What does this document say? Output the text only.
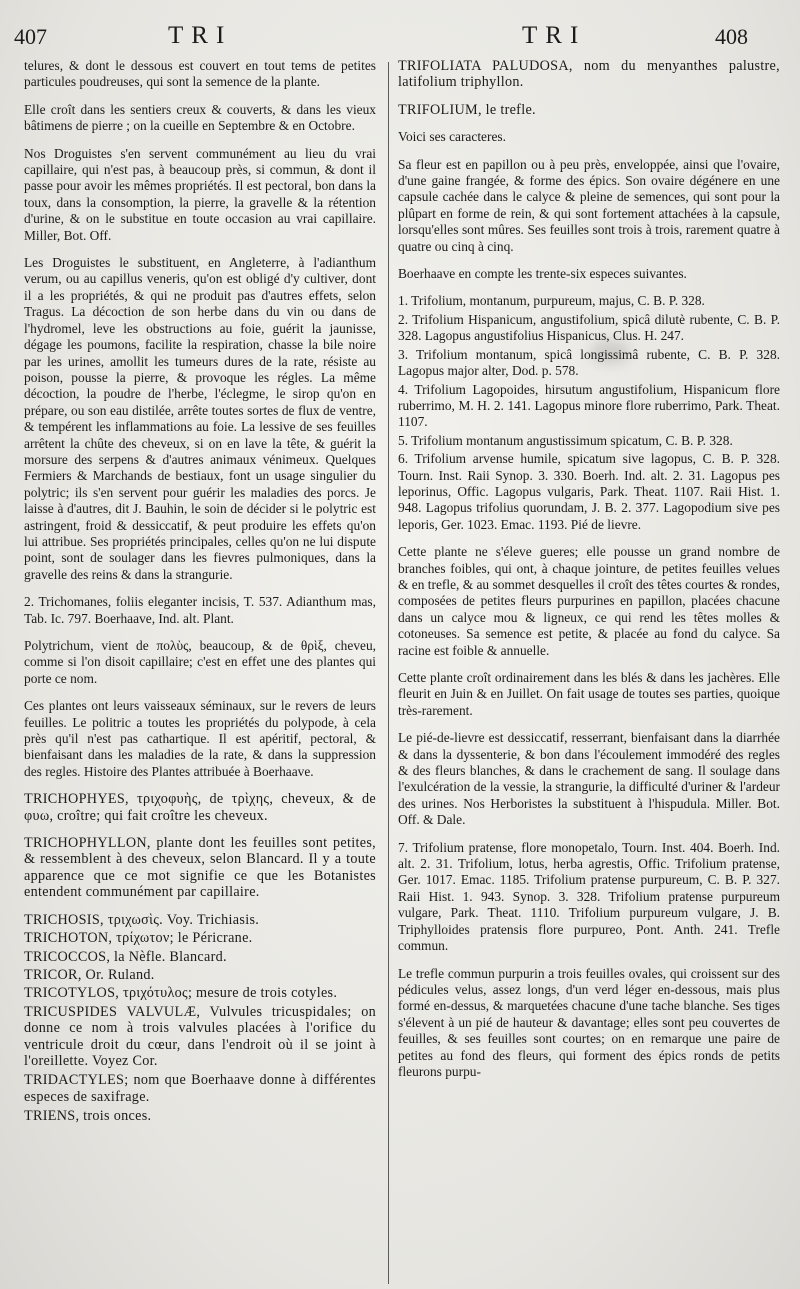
407	TRI	TRI	408

telures, & dont le dessous est couvert en tout tems de petites particules poudreuses, qui sont la semence de la plante.

Elle croît dans les sentiers creux & couverts, & dans les vieux bâtimens de pierre ; on la cueille en Septembre & en Octobre.

Nos Droguistes s'en servent communément au lieu du vrai capillaire, qui n'est pas, à beaucoup près, si commun, & dont il passe pour avoir les mêmes propriétés. Il est pectoral, bon dans la toux, dans la consomption, la pierre, la gravelle & la rétention d'urine, & on le substitue en toute occasion au vrai capillaire. Miller, Bot. Off.

Les Droguistes le substituent, en Angleterre, à l'adianthum verum, ou au capillus veneris, qu'on est obligé d'y cultiver, dont il a les propriétés, & qui ne produit pas d'autres effets, selon Tragus. La décoction de son herbe dans du vin ou dans de l'hydromel, leve les obstructions au foie, guérit la jaunisse, dégage les poumons, facilite la respiration, chasse la bile noire par les urines, amollit les tumeurs dures de la rate, résiste au poison, pousse la pierre, & provoque les régles. La même décoction, la poudre de l'herbe, l'éclegme, le sirop qu'on en prépare, ou son eau distilée, arrête toutes sortes de flux de ventre, & tempérent les inflammations au foie. La lessive de ses feuilles arrêtent la chûte des cheveux, si on en lave la tête, & guérit la morsure des serpens & d'autres animaux vénimeux. Quelques Fermiers & Marchands de bestiaux, font un usage singulier du polytric; ils s'en servent pour guérir les maladies des porcs. Je laisse à d'autres, dit J. Bauhin, le soin de décider si le polytric est astringent, froid & dessiccatif, & peut produire les effets qu'on lui attribue. Ses propriétés principales, celles qu'on ne lui dispute point, sont de soulager dans les fievres pulmoniques, dans la gravelle des reins & dans la strangurie.

2. Trichomanes, foliis eleganter incisis, T. 537. Adianthum mas, Tab. Ic. 797. Boerhaave, Ind. alt. Plant.

Polytrichum, vient de πολὺς, beaucoup, & de θρὶξ, cheveu, comme si l'on disoit capillaire; c'est en effet une des plantes qui porte ce nom.

Ces plantes ont leurs vaisseaux séminaux, sur le revers de leurs feuilles. Le politric a toutes les propriétés du polypode, à cela près qu'il n'est pas cathartique. Il est apéritif, pectoral, & bienfaisant dans les maladies de la rate, & dans la suppression des regles. Histoire des Plantes attribuée à Boerhaave.

TRICHOPHYES, τριχοφυὴς, de τρὶχης, cheveux, & de φυω, croître; qui fait croître les cheveux.

TRICHOPHYLLON, plante dont les feuilles sont petites, & ressemblent à des cheveux, selon Blancard. Il y a toute apparence que ce mot signifie ce que les Botanistes entendent communément par capillaire.

TRICHOSIS, τριχωσὶς. Voy. Trichiasis.

TRICHOTON, τρίχωτον; le Péricrane.

TRICOCCOS, la Nèfle. Blancard.

TRICOR, Or. Ruland.

TRICOTYLOS, τριχότυλος; mesure de trois cotyles.

TRICUSPIDES VALVULÆ, Vulvules tricuspidales; on donne ce nom à trois valvules placées à l'orifice du ventricule droit du cœur, dans l'endroit où il se joint à l'oreillette. Voyez Cor.

TRIDACTYLES; nom que Boerhaave donne à différentes especes de saxifrage.

TRIENS, trois onces.

TRIFOLIATA PALUDOSA, nom du menyanthes palustre, latifolium triphyllon.

TRIFOLIUM, le trefle.

Voici ses caracteres.

Sa fleur est en papillon ou à peu près, enveloppée, ainsi que l'ovaire, d'une gaine frangée, & forme des épics. Son ovaire dégénere en une capsule cachée dans le calyce & pleine de semences, qui sont pour la plûpart en forme de rein, & qui sont fortement attachées à la capsule, lorsqu'elles sont mûres. Ses feuilles sont trois à trois, rarement quatre à quatre ou cinq à cinq.

Boerhaave en compte les trente-six especes suivantes.

1. Trifolium, montanum, purpureum, majus, C. B. P. 328.

2. Trifolium Hispanicum, angustifolium, spicâ dilutè rubente, C. B. P. 328. Lagopus angustifolius Hispanicus, Clus. H. 247.

3. Trifolium montanum, spicâ longissimâ rubente, C. B. P. 328. Lagopus major alter, Dod. p. 578.

4. Trifolium Lagopoides, hirsutum angustifolium, Hispanicum flore ruberrimo, M. H. 2. 141. Lagopus minore flore ruberrimo, Park. Theat. 1107.

5. Trifolium montanum angustissimum spicatum, C. B. P. 328.

6. Trifolium arvense humile, spicatum sive lagopus, C. B. P. 328. Tourn. Inst. Raii Synop. 3. 330. Boerh. Ind. alt. 2. 31. Lagopus pes leporinus, Offic. Lagopus vulgaris, Park. Theat. 1107. Raii Hist. 1. 948. Lagopus trifolius quorundam, J. B. 2. 377. Lagopodium sive pes leporis, Ger. 1023. Emac. 1193. Pié de lievre.

Cette plante ne s'éleve gueres; elle pousse un grand nombre de branches foibles, qui ont, à chaque jointure, de petites feuilles velues & en trefle, & au sommet desquelles il croît des têtes courtes & rondes, composées de petites fleurs purpurines en papillon, placées chacune dans un calyce mou & ligneux, ce qui rend les têtes molles & cotoneuses. Sa semence est petite, & placée au fond du calyce. Sa racine est foible & annuelle.

Cette plante croît ordinairement dans les blés & dans les jachères. Elle fleurit en Juin & en Juillet. On fait usage de toutes ses parties, quoique très-rarement.

Le pié-de-lievre est dessiccatif, resserrant, bienfaisant dans la diarrhée & dans la dyssenterie, & bon dans l'écoulement immodéré des regles & des fleurs blanches, & dans le crachement de sang. Il soulage dans l'exulcération de la vessie, la strangurie, la difficulté d'uriner & l'ardeur des urines. Nos Herboristes la substituent à l'hispudula. Miller. Bot. Off. & Dale.

7. Trifolium pratense, flore monopetalo, Tourn. Inst. 404. Boerh. Ind. alt. 2. 31. Trifolium, lotus, herba agrestis, Offic. Trifolium pratense, Ger. 1017. Emac. 1185. Trifolium pratense purpureum, C. B. P. 327. Raii Hist. 1. 943. Synop. 3. 328. Trifolium pratense purpureum vulgare, Park. Theat. 1110. Trifolium purpureum vulgare, J. B. Triphylloides pratensis flore purpureo, Pont. Anth. 241. Trefle commun.

Le trefle commun purpurin a trois feuilles ovales, qui croissent sur des pédicules velus, assez longs, d'un verd léger en-dessous, mais plus formé en-dessus, & marquetées chacune d'une tache blanche. Ses tiges s'élevent à un pié de hauteur & davantage; elles sont peu couvertes de feuilles, & ses feuilles sont courtes; on en remarque une paire de petites au fond des fleurs, qui forment des épics ronds de petits fleurons purpu-
